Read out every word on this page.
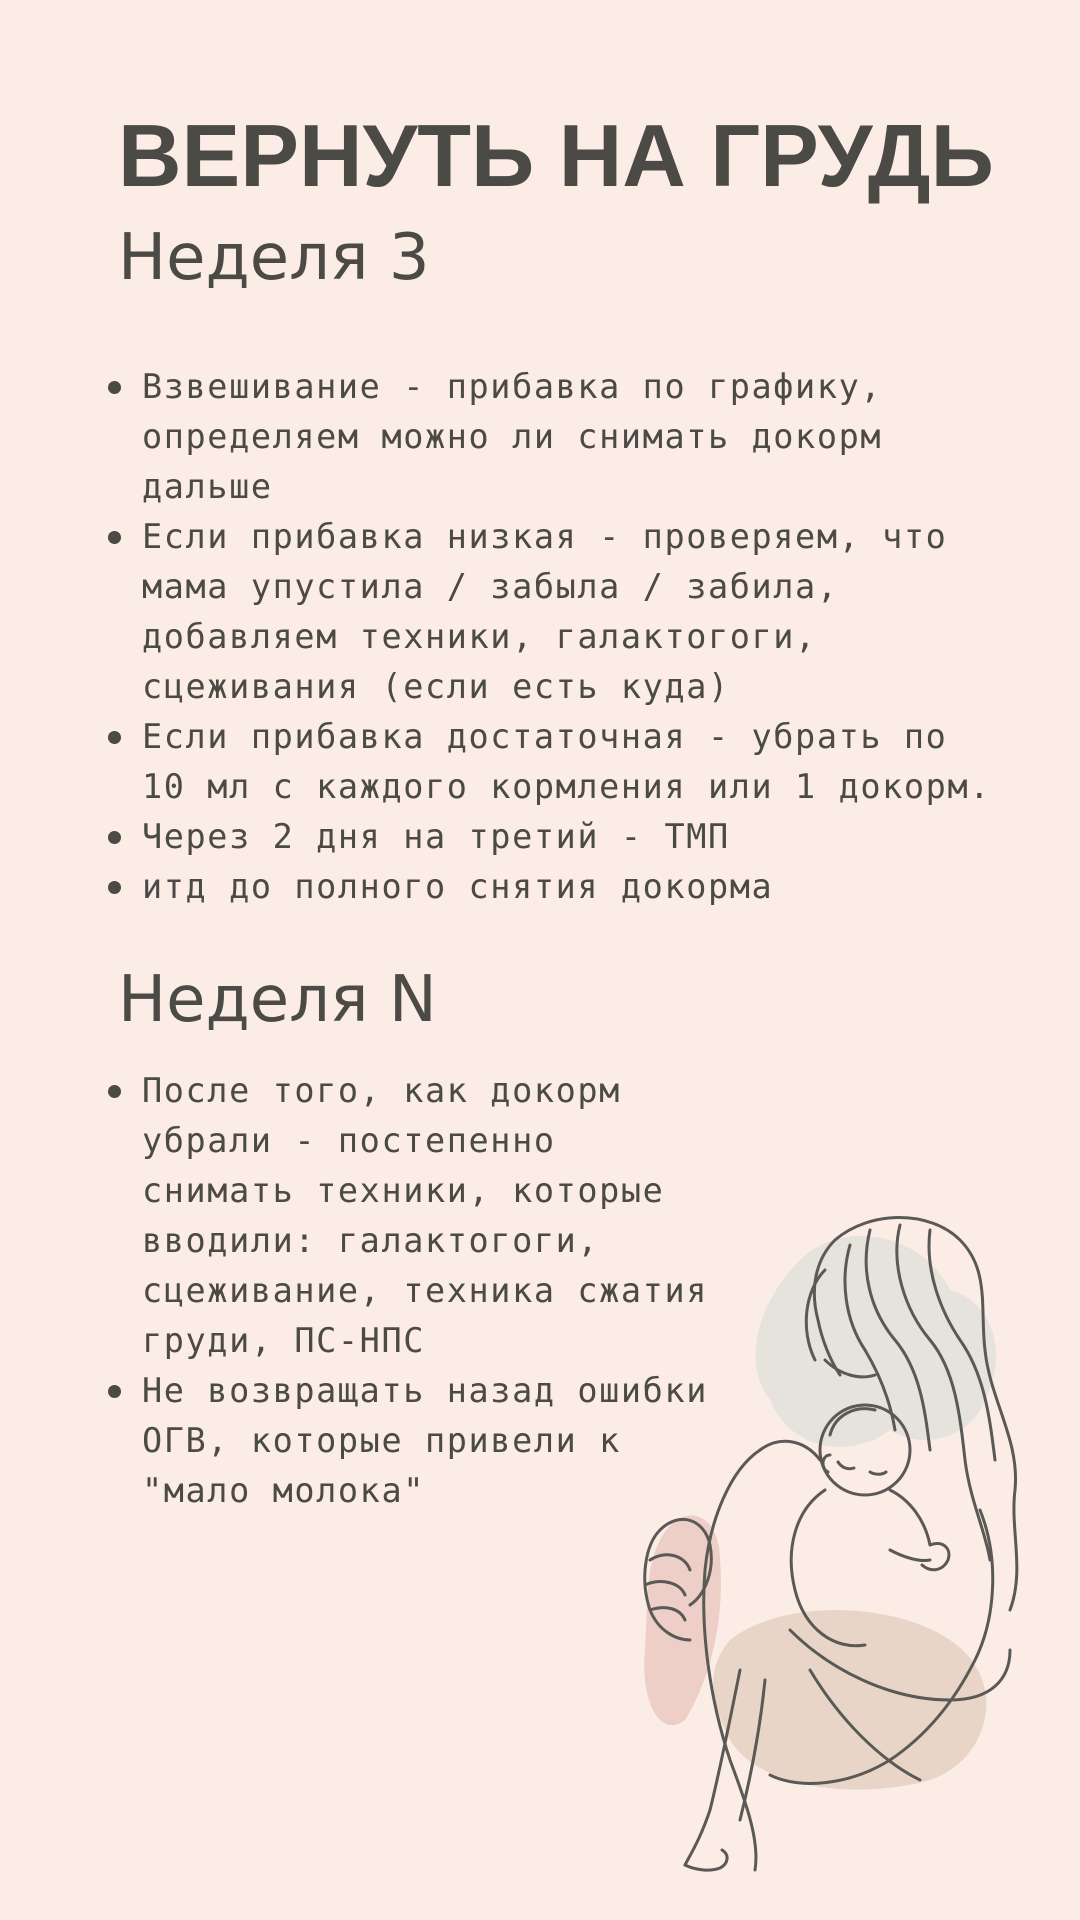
ВЕРНУТЬ НА ГРУДЬ
Неделя 3
Взвешивание - прибавка по графику, определяем можно ли снимать докорм дальше
Если прибавка низкая - проверяем, что мама упустила / забыла / забила, добавляем техники, галактогоги, сцеживания (если есть куда)
Если прибавка достаточная - убрать по 10 мл с каждого кормления или 1 докорм.
Через 2 дня на третий - ТМП
итд до полного снятия докорма
Неделя N
После того, как докорм убрали - постепенно снимать техники, которые вводили: галактогоги, сцеживание, техника сжатия груди, ПС-НПС
Не возвращать назад ошибки ОГВ, которые привели к "мало молока"
